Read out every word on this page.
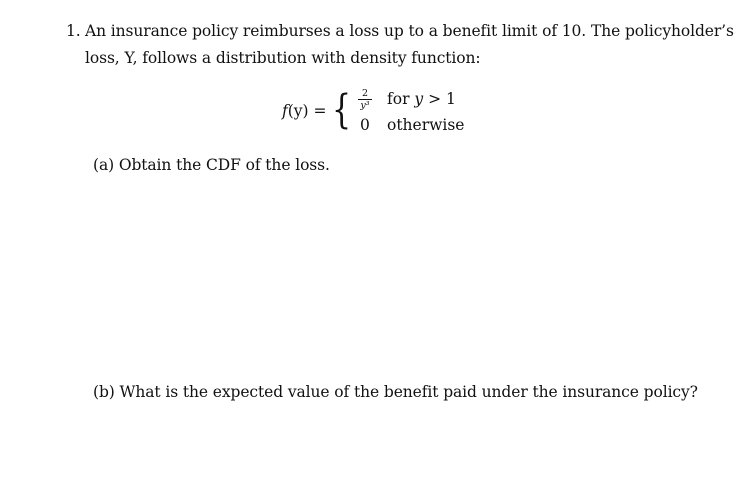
1. An insurance policy reimburses a loss up to a benefit limit of 10. The policyholder’s
loss, Y, follows a distribution with density function:
f(y) = {	2
y³
0
for y > 1
otherwise
(a) Obtain the CDF of the loss.
(b) What is the expected value of the benefit paid under the insurance policy?
